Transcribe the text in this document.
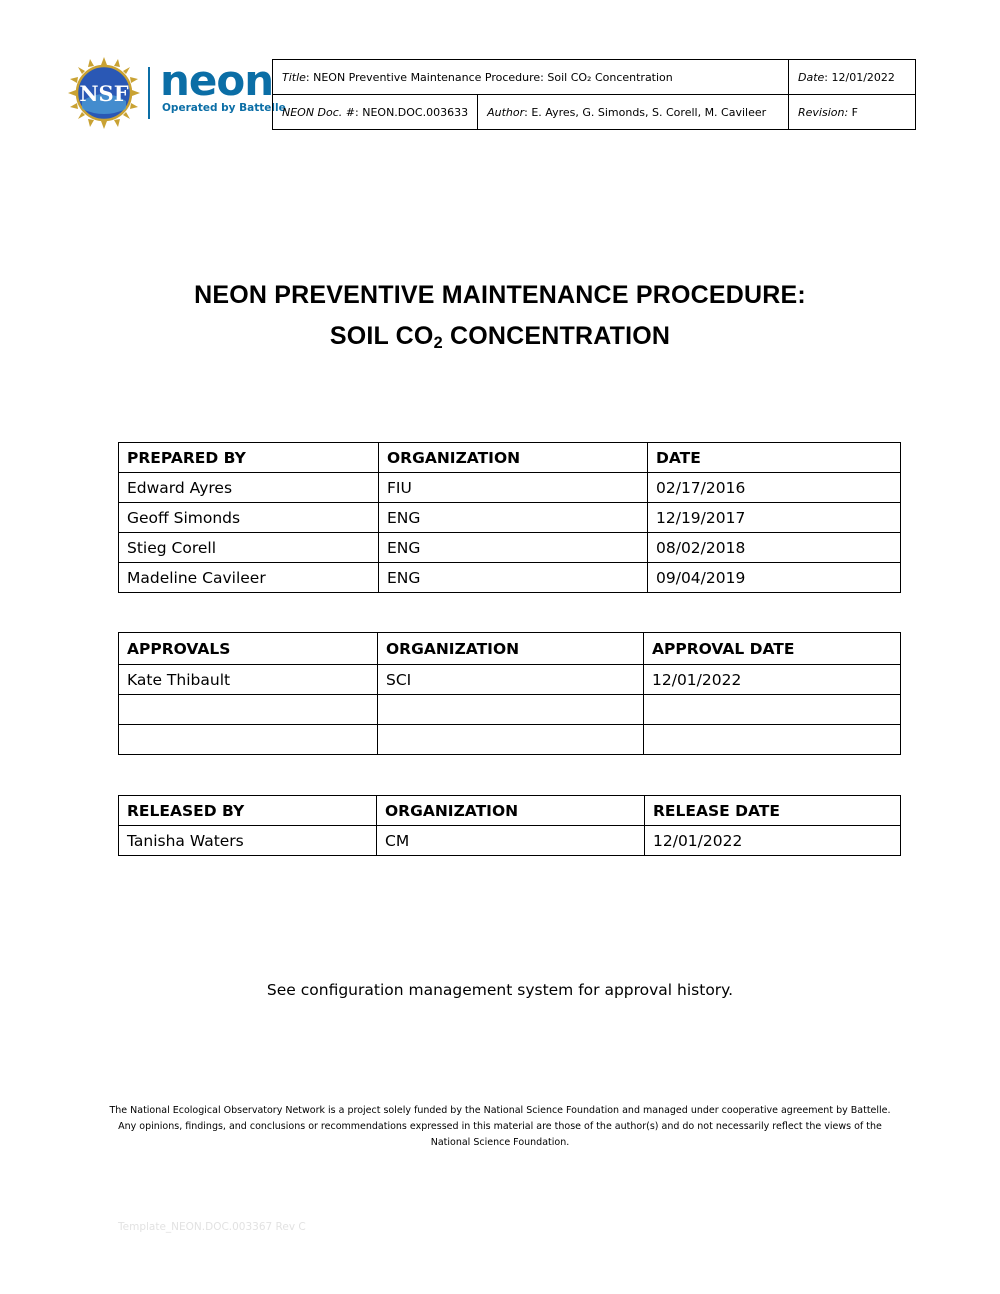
NSF neon
Operated by Battelle
Title: NEON Preventive Maintenance Procedure: Soil CO₂ Concentration		Date: 12/01/2022
NEON Doc. #: NEON.DOC.003633	Author: E. Ayres, G. Simonds, S. Corell, M. Cavileer	Revision: F
NEON PREVENTIVE MAINTENANCE PROCEDURE:
SOIL $CO_2$ CONCENTRATION
PREPARED BY	ORGANIZATION	DATE
Edward Ayres	FIU	02/17/2016
Geoff Simonds	ENG	12/19/2017
Stieg Corell	ENG	08/02/2018
Madeline Cavileer	ENG	09/04/2019
APPROVALS	ORGANIZATION	APPROVAL DATE
Kate Thibault	SCI	12/01/2022

RELEASED BY	ORGANIZATION	RELEASE DATE
Tanisha Waters	CM	12/01/2022
See configuration management system for approval history.
The National Ecological Observatory Network is a project solely funded by the National Science Foundation and managed under cooperative agreement by Battelle.
Any opinions, findings, and conclusions or recommendations expressed in this material are those of the author(s) and do not necessarily reflect the views of the
National Science Foundation.
Template_NEON.DOC.003367 Rev C
